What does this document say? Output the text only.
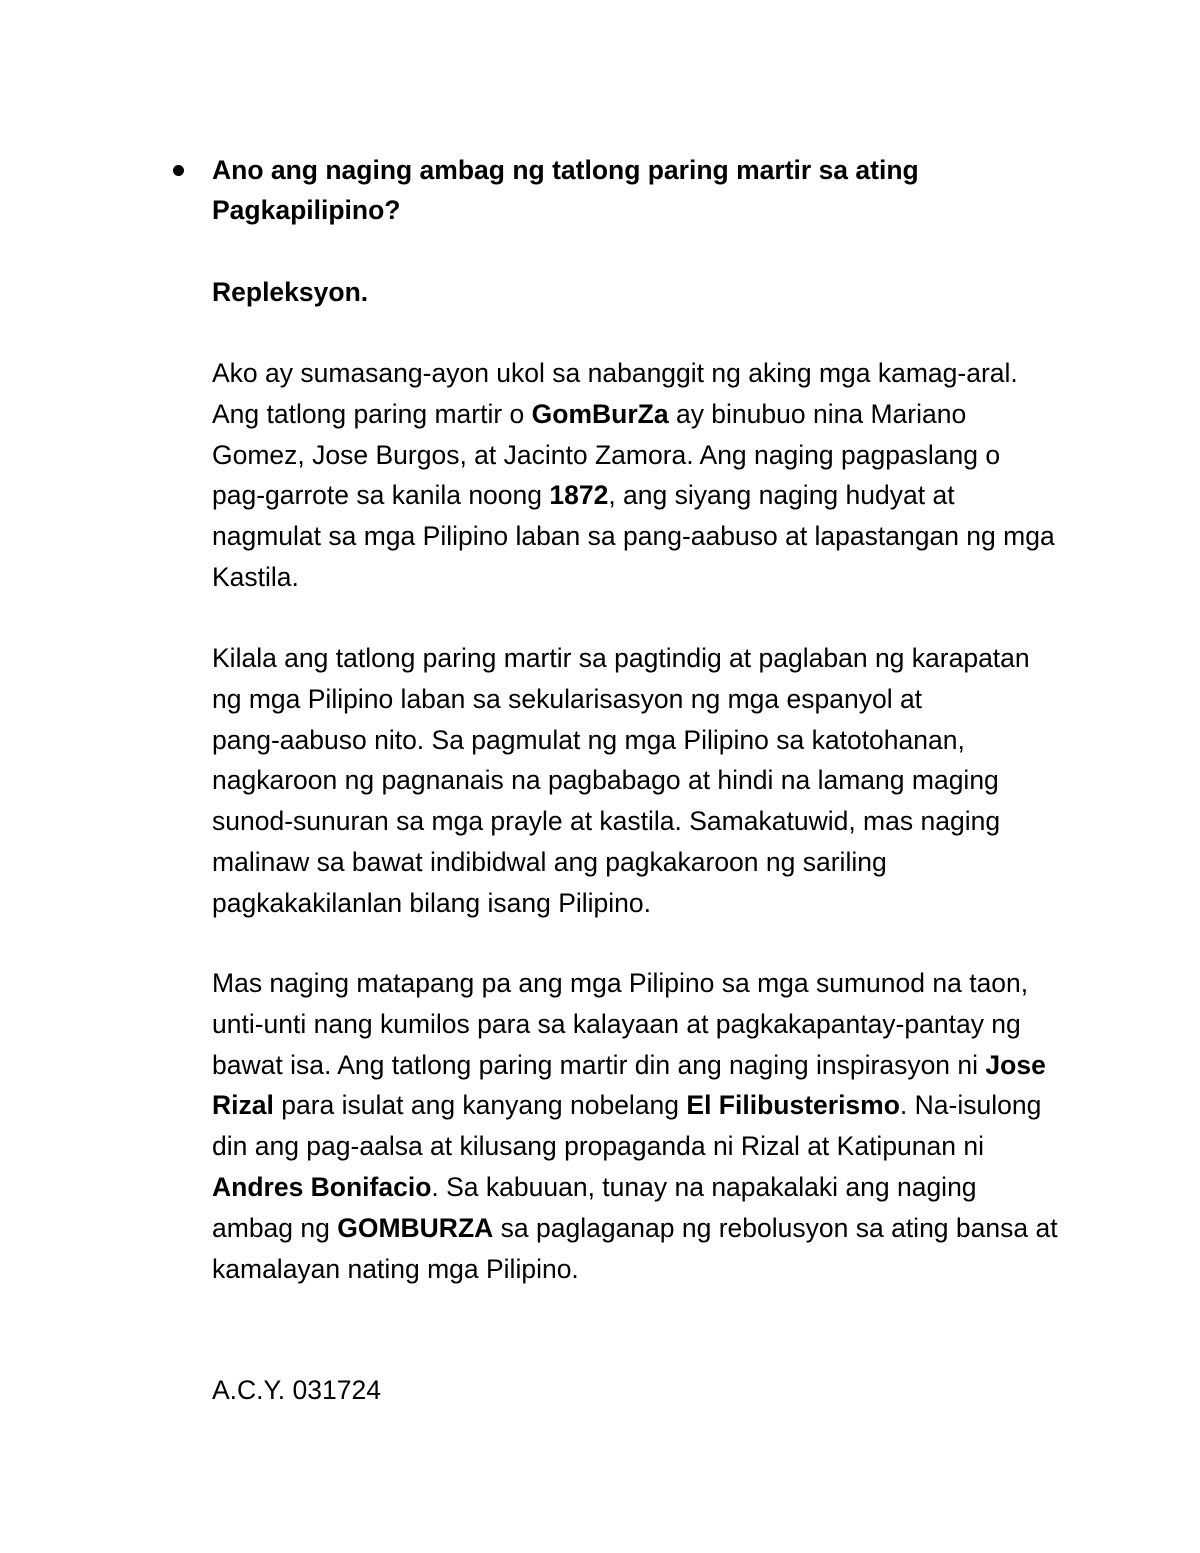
Ano ang naging ambag ng tatlong paring martir sa ating
Pagkapilipino?
Repleksyon.
Ako ay sumasang-ayon ukol sa nabanggit ng aking mga kamag-aral.
Ang tatlong paring martir o GomBurZa ay binubuo nina Mariano
Gomez, Jose Burgos, at Jacinto Zamora. Ang naging pagpaslang o
pag-garrote sa kanila noong 1872, ang siyang naging hudyat at
nagmulat sa mga Pilipino laban sa pang-aabuso at lapastangan ng mga
Kastila.
Kilala ang tatlong paring martir sa pagtindig at paglaban ng karapatan
ng mga Pilipino laban sa sekularisasyon ng mga espanyol at
pang-aabuso nito. Sa pagmulat ng mga Pilipino sa katotohanan,
nagkaroon ng pagnanais na pagbabago at hindi na lamang maging
sunod-sunuran sa mga prayle at kastila. Samakatuwid, mas naging
malinaw sa bawat indibidwal ang pagkakaroon ng sariling
pagkakakilanlan bilang isang Pilipino.
Mas naging matapang pa ang mga Pilipino sa mga sumunod na taon,
unti-unti nang kumilos para sa kalayaan at pagkakapantay-pantay ng
bawat isa. Ang tatlong paring martir din ang naging inspirasyon ni Jose
Rizal para isulat ang kanyang nobelang El Filibusterismo. Na-isulong
din ang pag-aalsa at kilusang propaganda ni Rizal at Katipunan ni
Andres Bonifacio. Sa kabuuan, tunay na napakalaki ang naging
ambag ng GOMBURZA sa paglaganap ng rebolusyon sa ating bansa at
kamalayan nating mga Pilipino.
A.C.Y. 031724
